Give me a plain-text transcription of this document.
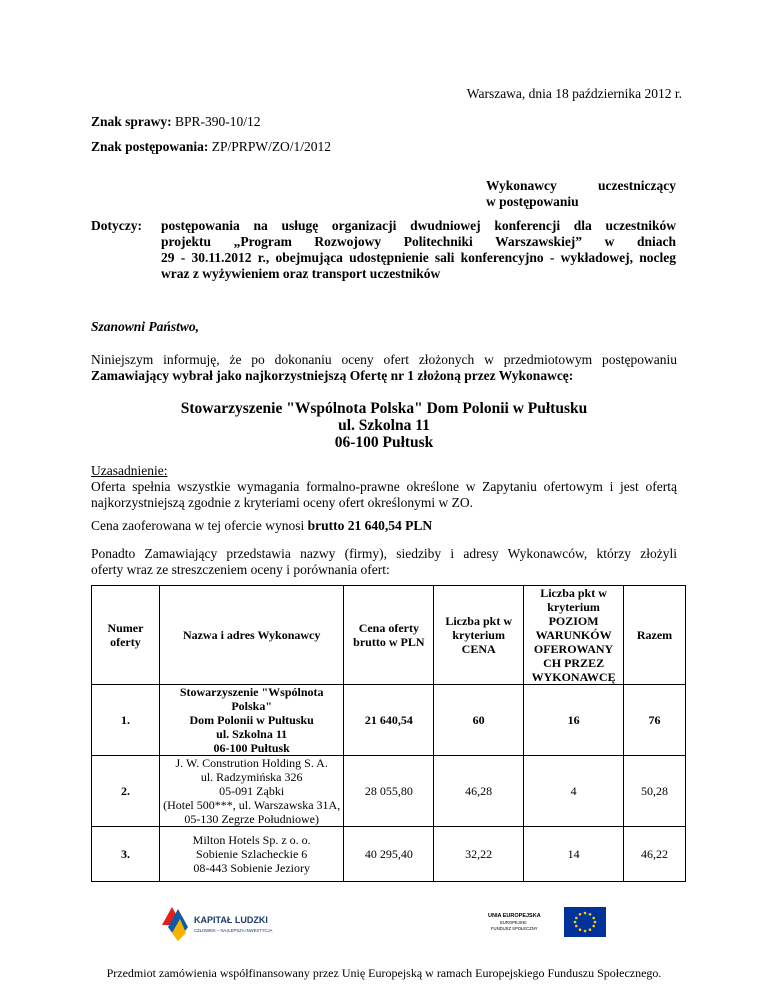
Warszawa, dnia 18 października 2012 r.
Znak sprawy: BPR-390-10/12
Znak postępowania: ZP/PRPW/ZO/1/2012
Wykonawcy	uczestniczący
w postępowaniu
Dotyczy: postępowania na usługę organizacji dwudniowej konferencji dla uczestników
projektu „Program Rozwojowy Politechniki Warszawskiej” w dniach
29 - 30.11.2012 r., obejmująca udostępnienie sali konferencyjno - wykładowej, nocleg
wraz z wyżywieniem oraz transport uczestników
Szanowni Państwo,
Niniejszym informuję, że po dokonaniu oceny ofert złożonych w przedmiotowym postępowaniu
Zamawiający wybrał jako najkorzystniejszą Ofertę nr 1 złożoną przez Wykonawcę:
Stowarzyszenie "Wspólnota Polska" Dom Polonii w Pułtusku
ul. Szkolna 11
06-100 Pułtusk
Uzasadnienie:
Oferta spełnia wszystkie wymagania formalno-prawne określone w Zapytaniu ofertowym i jest ofertą
najkorzystniejszą zgodnie z kryteriami oceny ofert określonymi w ZO.
Cena zaoferowana w tej ofercie wynosi brutto 21 640,54 PLN
Ponadto Zamawiający przedstawia nazwy (firmy), siedziby i adresy Wykonawców, którzy złożyli
oferty wraz ze streszczeniem oceny i porównania ofert:
Numer oferty	Nazwa i adres Wykonawcy	Cena oferty brutto w PLN	Liczba pkt w kryterium CENA	Liczba pkt w kryterium POZIOM WARUNKÓW OFEROWANY CH PRZEZ WYKONAWCĘ	Razem
1.	Stowarzyszenie "Wspólnota
Polska"
Dom Polonii w Pułtusku
ul. Szkolna 11
06-100 Pułtusk	21 640,54	60	16	76
2.	J. W. Constrution Holding S. A.
ul. Radzymińska 326
05-091 Ząbki
(Hotel 500***, ul. Warszawska 31A,
05-130 Zegrze Południowe)	28 055,80	46,28	4	50,28
3.	Milton Hotels Sp. z o. o.
Sobienie Szlacheckie 6
08-443 Sobienie Jeziory	40 295,40	32,22	14	46,22
KAPITAŁ LUDZKI
CZŁOWIEK – NAJLEPSZA INWESTYCJA
UNIA EUROPEJSKA
EUROPEJSKI
FUNDUSZ SPOŁECZNY
Przedmiot zamówienia współfinansowany przez Unię Europejską w ramach Europejskiego Funduszu Społecznego.
